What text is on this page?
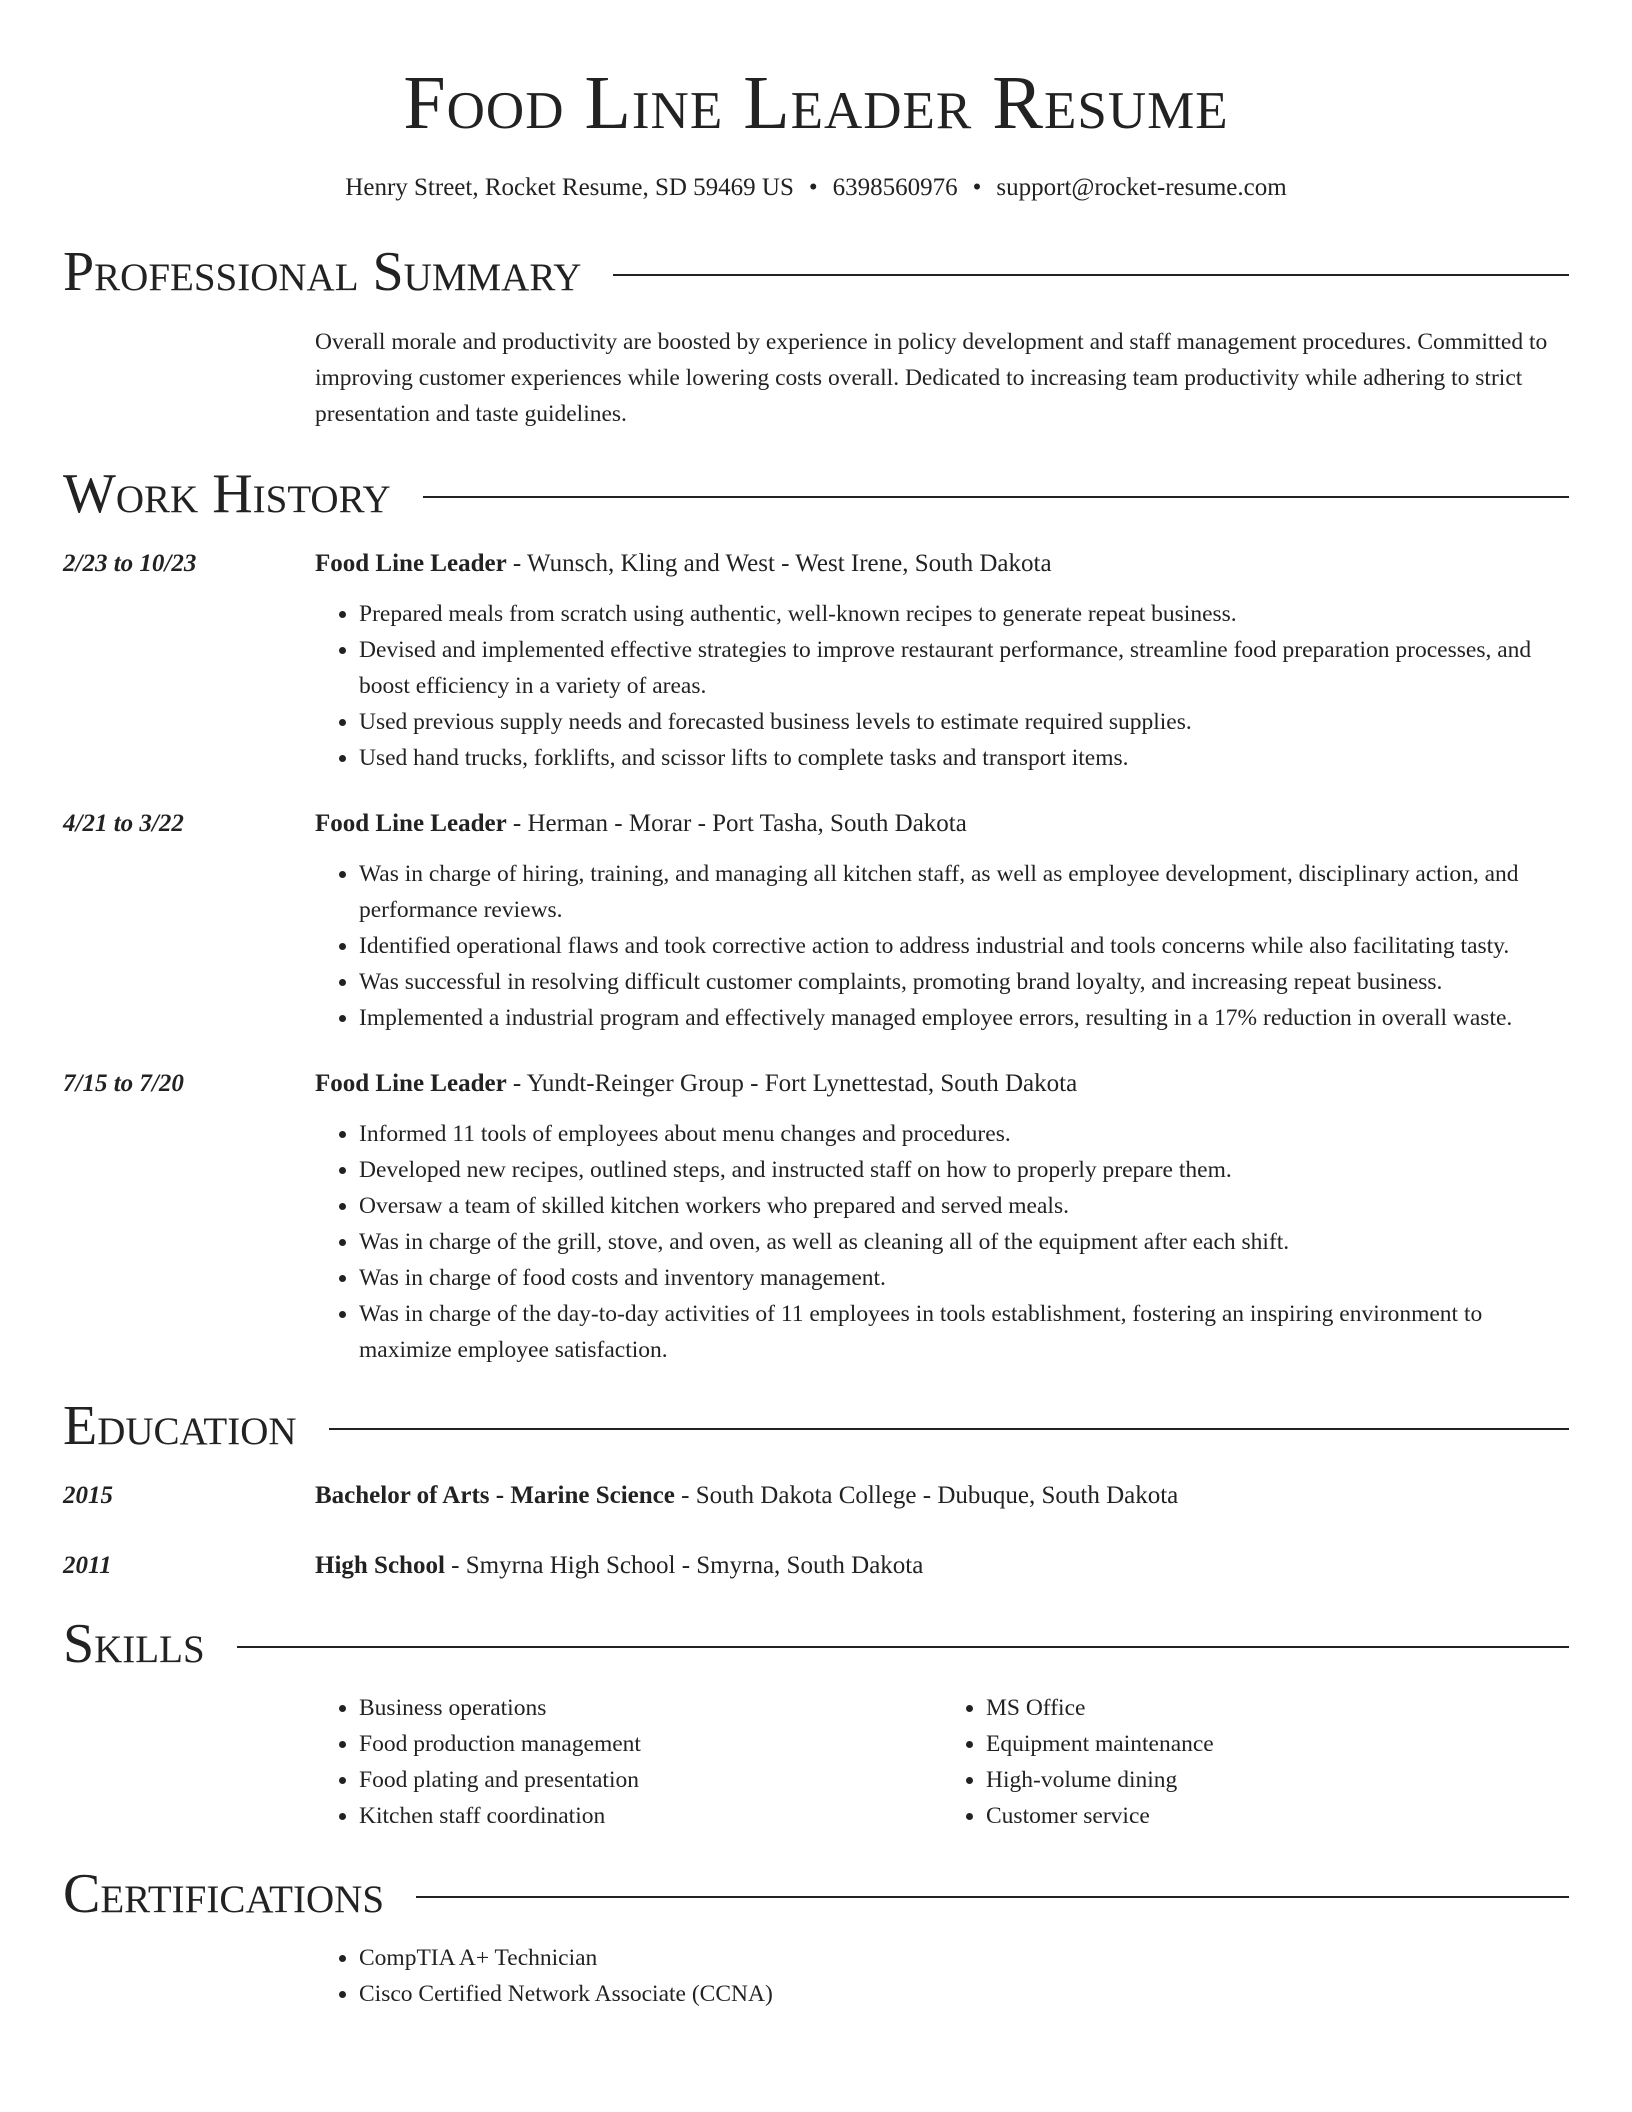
Food Line Leader Resume
Henry Street, Rocket Resume, SD 59469 US • 6398560976 • support@rocket-resume.com
Professional Summary
Overall morale and productivity are boosted by experience in policy development and staff management procedures. Committed to improving customer experiences while lowering costs overall. Dedicated to increasing team productivity while adhering to strict presentation and taste guidelines.
Work History
2/23 to 10/23	Food Line Leader - Wunsch, Kling and West - West Irene, South Dakota
• Prepared meals from scratch using authentic, well-known recipes to generate repeat business.
• Devised and implemented effective strategies to improve restaurant performance, streamline food preparation processes, and boost efficiency in a variety of areas.
• Used previous supply needs and forecasted business levels to estimate required supplies.
• Used hand trucks, forklifts, and scissor lifts to complete tasks and transport items.
4/21 to 3/22	Food Line Leader - Herman - Morar - Port Tasha, South Dakota
• Was in charge of hiring, training, and managing all kitchen staff, as well as employee development, disciplinary action, and performance reviews.
• Identified operational flaws and took corrective action to address industrial and tools concerns while also facilitating tasty.
• Was successful in resolving difficult customer complaints, promoting brand loyalty, and increasing repeat business.
• Implemented a industrial program and effectively managed employee errors, resulting in a 17% reduction in overall waste.
7/15 to 7/20	Food Line Leader - Yundt-Reinger Group - Fort Lynettestad, South Dakota
• Informed 11 tools of employees about menu changes and procedures.
• Developed new recipes, outlined steps, and instructed staff on how to properly prepare them.
• Oversaw a team of skilled kitchen workers who prepared and served meals.
• Was in charge of the grill, stove, and oven, as well as cleaning all of the equipment after each shift.
• Was in charge of food costs and inventory management.
• Was in charge of the day-to-day activities of 11 employees in tools establishment, fostering an inspiring environment to maximize employee satisfaction.
Education
2015	Bachelor of Arts - Marine Science - South Dakota College - Dubuque, South Dakota
2011	High School - Smyrna High School - Smyrna, South Dakota
Skills
• Business operations
• Food production management
• Food plating and presentation
• Kitchen staff coordination
• MS Office
• Equipment maintenance
• High-volume dining
• Customer service
Certifications
• CompTIA A+ Technician
• Cisco Certified Network Associate (CCNA)
